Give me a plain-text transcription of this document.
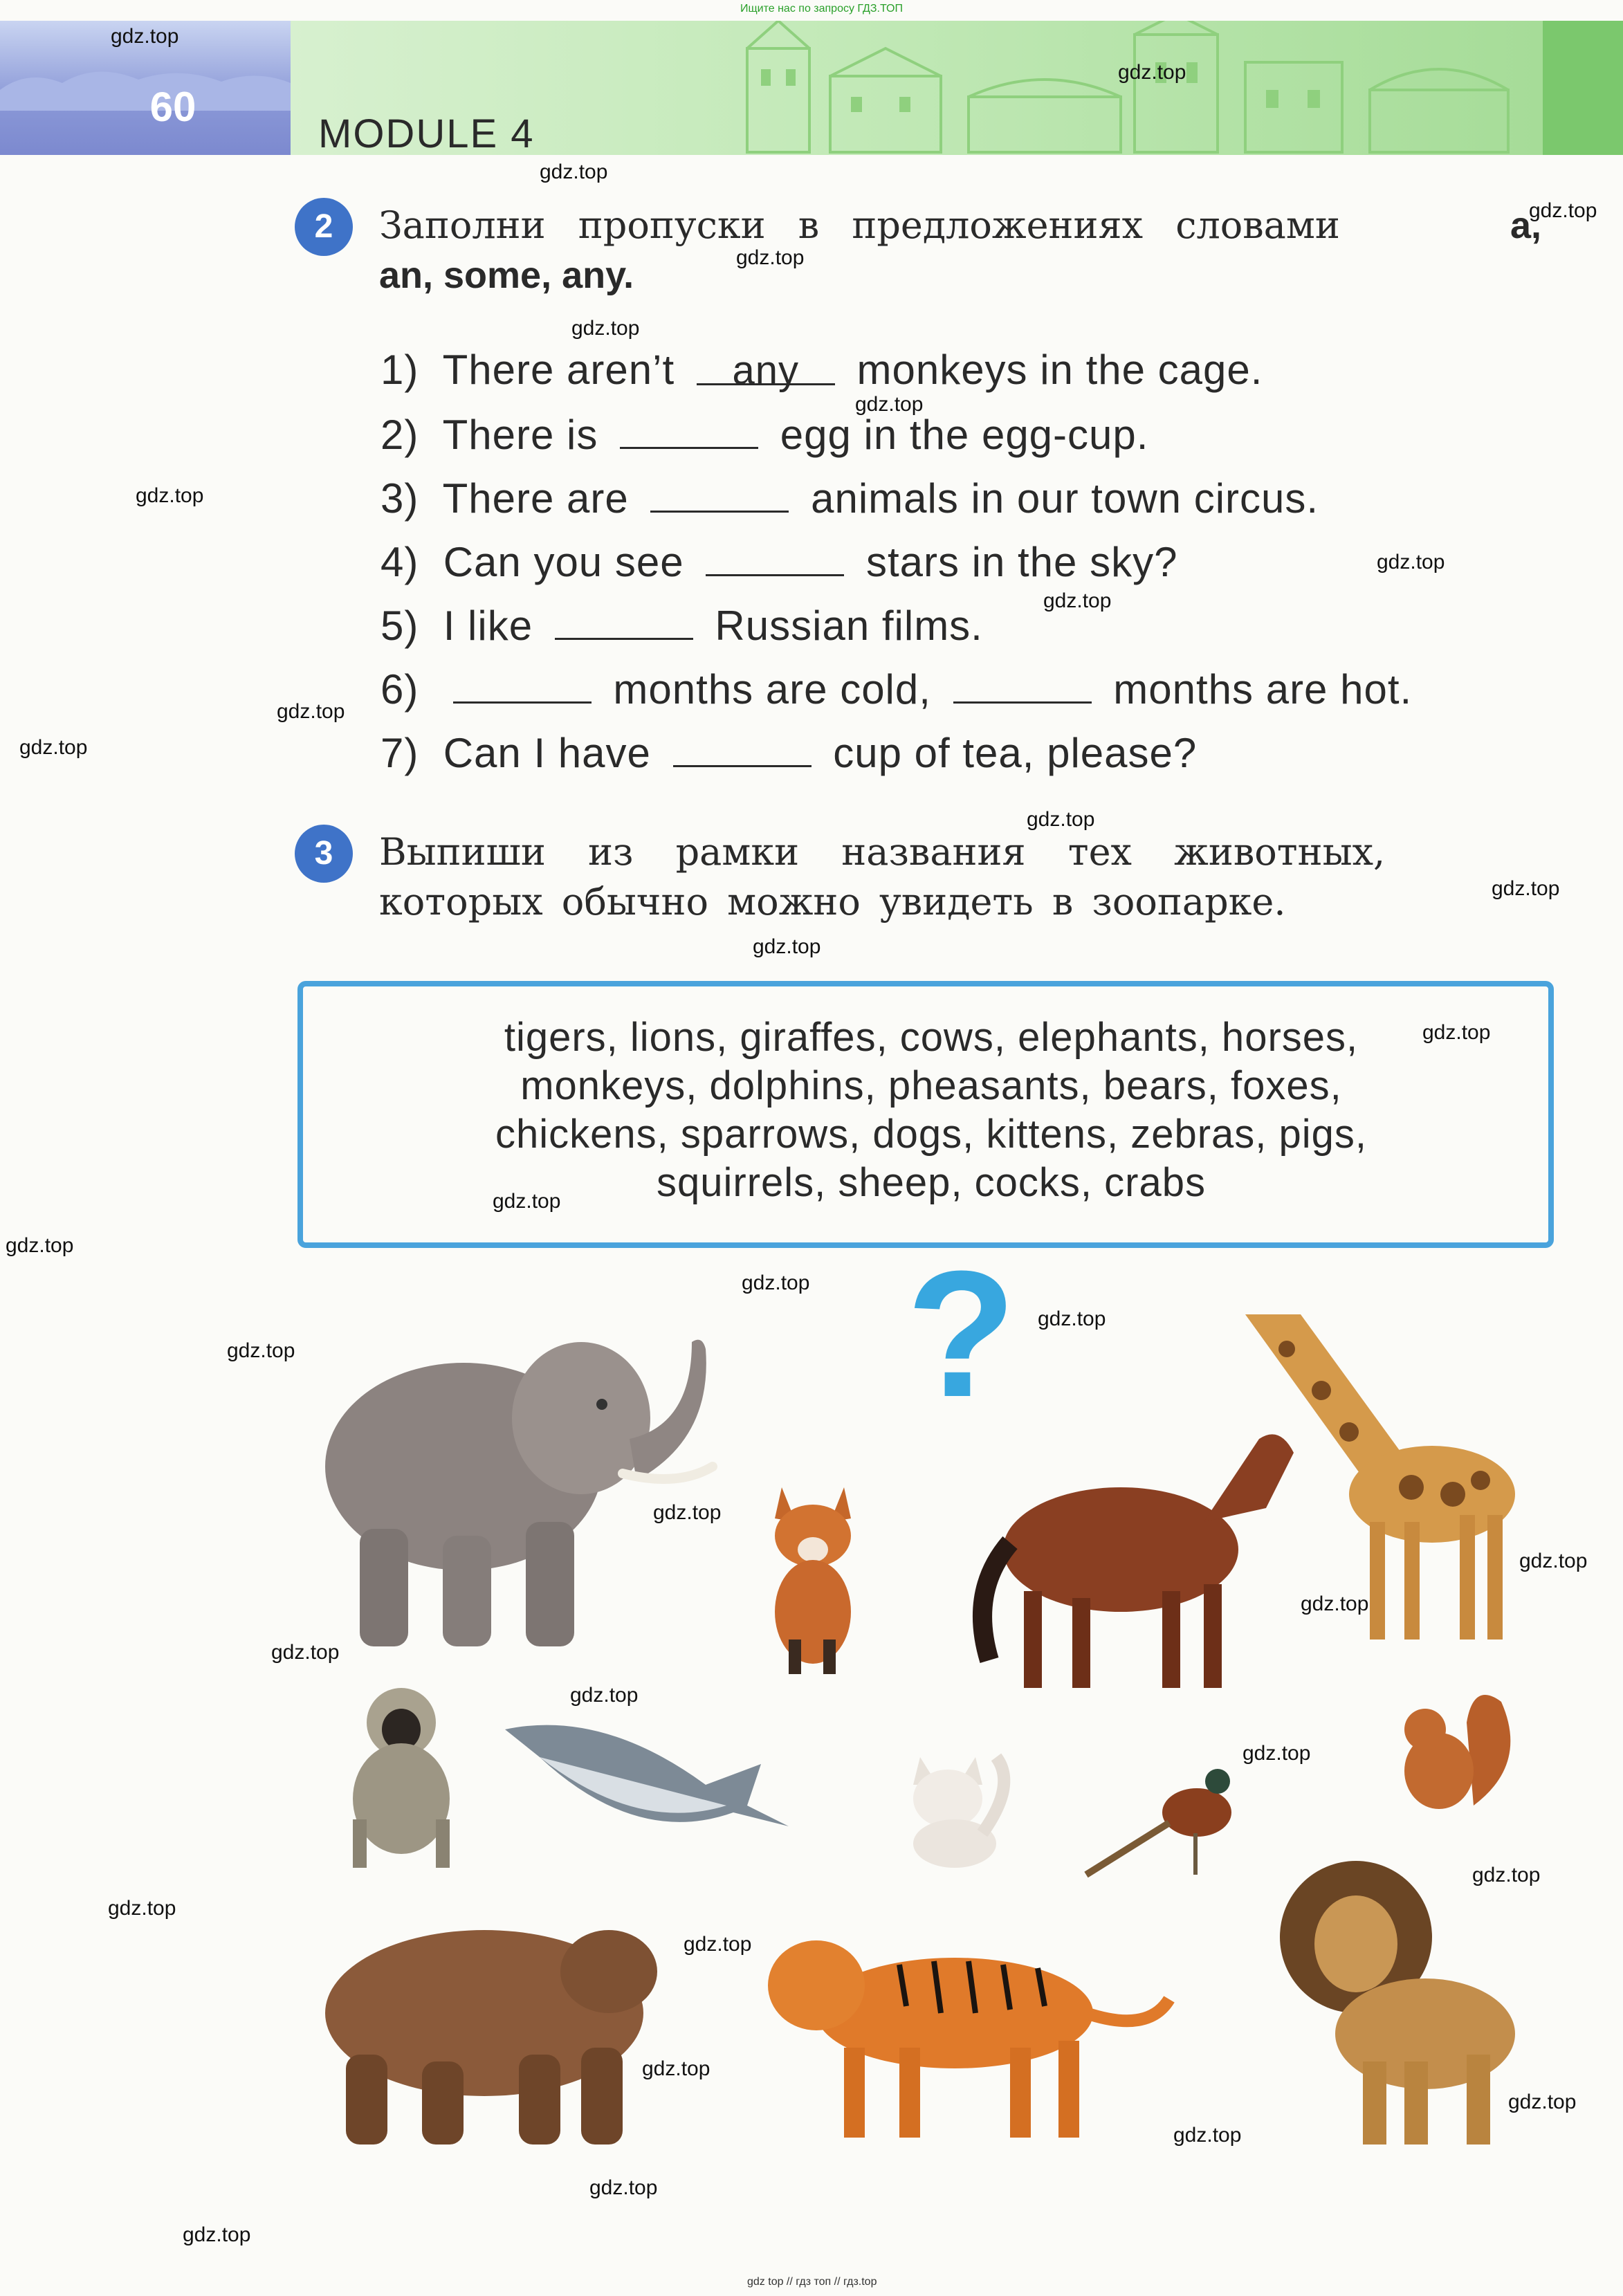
60
MODULE 4
Ищите нас по запросу ГДЗ.ТОП
2	Заполни пропуски в предложениях словами	a,
an, some, any.
1) There aren’t any monkeys in the cage.
2) There is	egg in the egg-cup.
3) There are	animals in our town circus.
4) Can you see	stars in the sky?
5) I like	Russian films.
6)	months are cold,	months are hot.
7) Can I have	cup of tea, please?
3	Выпиши из рамки названия тех животных,
которых обычно можно увидеть в зоопарке.
tigers, lions, giraffes, cows, elephants, horses,
monkeys, dolphins, pheasants, bears, foxes,
chickens, sparrows, dogs, kittens, zebras, pigs,
squirrels, sheep, cocks, crabs
?
gdz.top
gdz.top
gdz.top
gdz.top
gdz.top
gdz.top
gdz.top
gdz.top
gdz.top
gdz.top
gdz.top
gdz.top
gdz.top
gdz.top
gdz.top
gdz.top
gdz.top
gdz.top
gdz.top
gdz.top
gdz.top
gdz.top
gdz.top
gdz.top
gdz.top
gdz.top
gdz.top
gdz.top
gdz.top
gdz.top
gdz.top
gdz.top
gdz.top
gdz.top
gdz.top
gdz top // гдз топ // гдз.top
